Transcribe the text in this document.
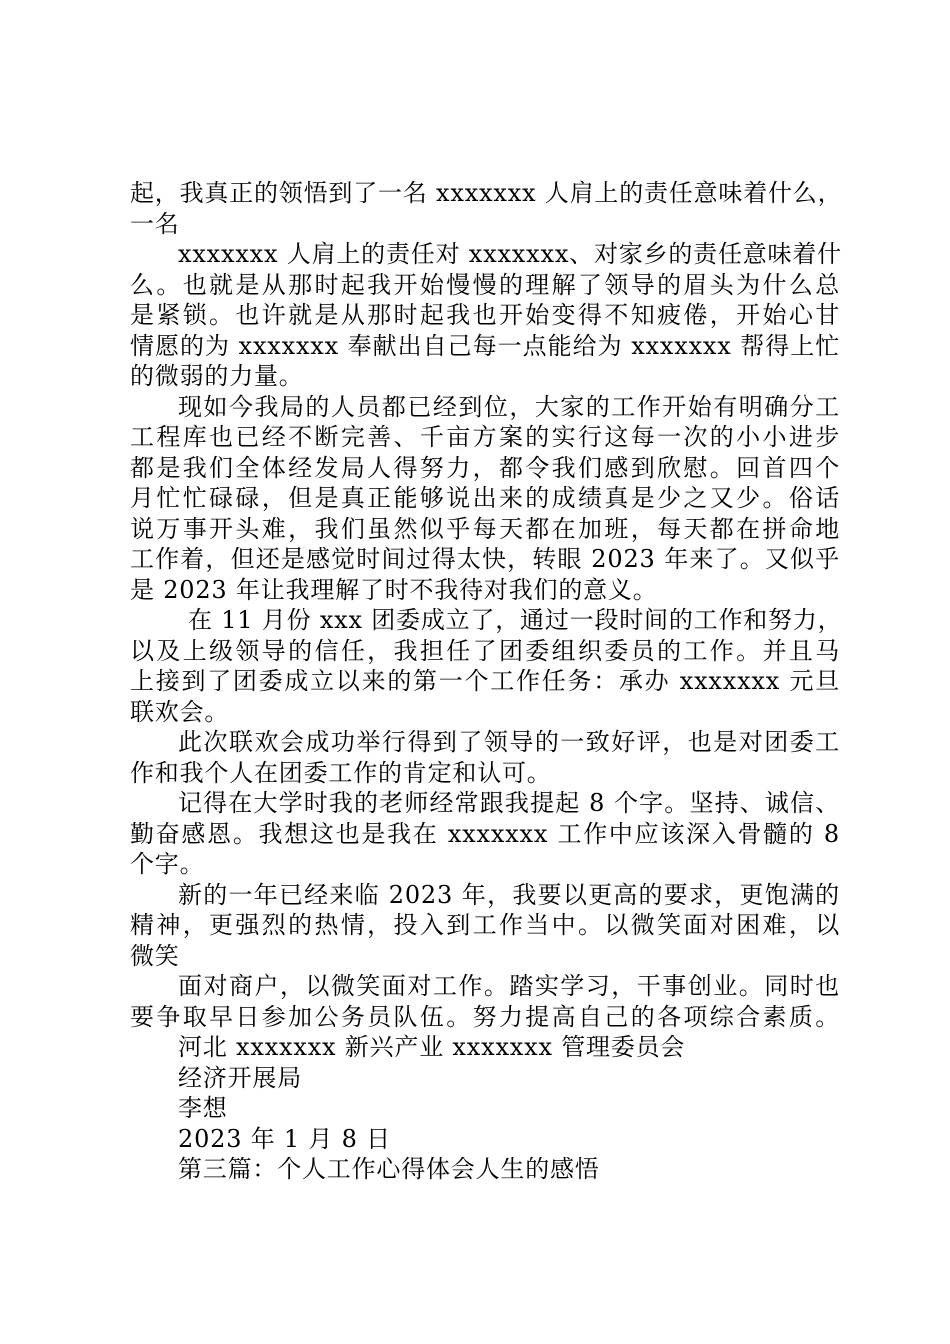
起，我真正的领悟到了一名 xxxxxxx 人肩上的责任意味着什么，
一名
xxxxxxx 人肩上的责任对 xxxxxxx、对家乡的责任意味着什
么。也就是从那时起我开始慢慢的理解了领导的眉头为什么总
是紧锁。也许就是从那时起我也开始变得不知疲倦，开始心甘
情愿的为 xxxxxxx 奉献出自己每一点能给为 xxxxxxx 帮得上忙
的微弱的力量。
现如今我局的人员都已经到位，大家的工作开始有明确分工
工程库也已经不断完善、千亩方案的实行这每一次的小小进步
都是我们全体经发局人得努力，都令我们感到欣慰。回首四个
月忙忙碌碌，但是真正能够说出来的成绩真是少之又少。俗话
说万事开头难，我们虽然似乎每天都在加班，每天都在拼命地
工作着，但还是感觉时间过得太快，转眼 2023 年来了。又似乎
是 2023 年让我理解了时不我待对我们的意义。
在 11 月份 xxx 团委成立了，通过一段时间的工作和努力，
以及上级领导的信任，我担任了团委组织委员的工作。并且马
上接到了团委成立以来的第一个工作任务：承办 xxxxxxx 元旦
联欢会。
此次联欢会成功举行得到了领导的一致好评，也是对团委工
作和我个人在团委工作的肯定和认可。
记得在大学时我的老师经常跟我提起 8 个字。坚持、诚信、
勤奋感恩。我想这也是我在 xxxxxxx 工作中应该深入骨髓的 8
个字。
新的一年已经来临 2023 年，我要以更高的要求，更饱满的
精神，更强烈的热情，投入到工作当中。以微笑面对困难，以
微笑
面对商户，以微笑面对工作。踏实学习，干事创业。同时也
要争取早日参加公务员队伍。努力提高自己的各项综合素质。
河北 xxxxxxx 新兴产业 xxxxxxx 管理委员会
经济开展局
李想
2023 年 1 月 8 日
第三篇：个人工作心得体会人生的感悟
